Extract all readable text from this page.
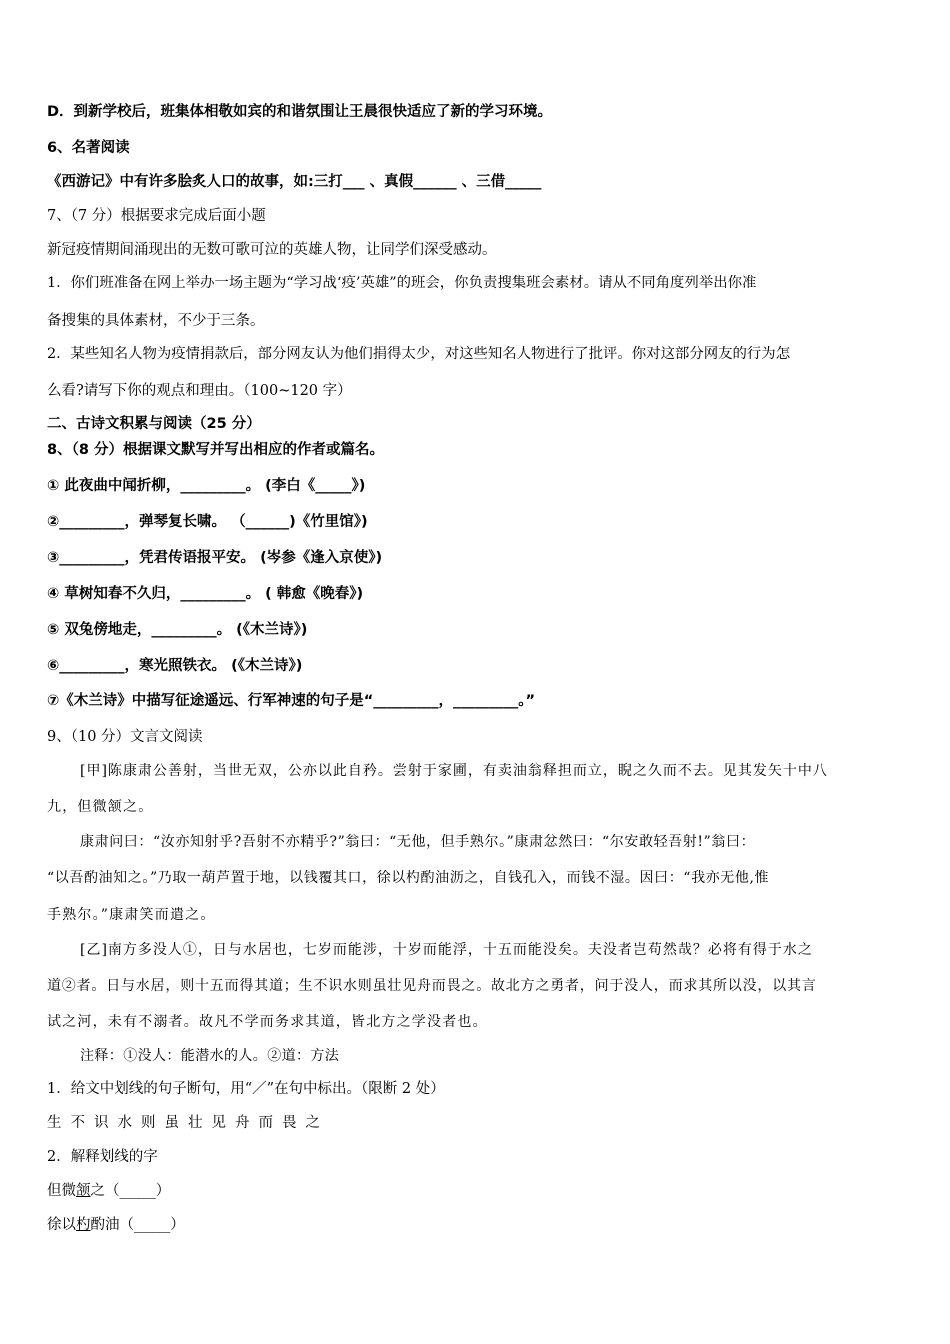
D．到新学校后，班集体相敬如宾的和谐氛围让王晨很快适应了新的学习环境。
6、名著阅读
《西游记》中有许多脍炙人口的故事，如:三打___ 、真假______ 、三借_____
7、（7 分）根据要求完成后面小题
新冠疫情期间涌现出的无数可歌可泣的英雄人物，让同学们深受感动。
1．你们班准备在网上举办一场主题为“学习战‘疫’英雄”的班会，你负责搜集班会素材。请从不同角度列举出你准
备搜集的具体素材，不少于三条。
2．某些知名人物为疫情捐款后，部分网友认为他们捐得太少，对这些知名人物进行了批评。你对这部分网友的行为怎
么看?请写下你的观点和理由。（100~120 字）
二、古诗文积累与阅读（25 分）
8、（8 分）根据课文默写并写出相应的作者或篇名。
① 此夜曲中闻折柳，_________。 (李白《_____》)
②_________，弹琴复长啸。 （______)《竹里馆》)
③_________，凭君传语报平安。 (岑参《逢入京使》)
④ 草树知春不久归，_________。 ( 韩愈《晚春》)
⑤ 双兔傍地走，_________。 (《木兰诗》)
⑥_________，寒光照铁衣。 (《木兰诗》)
⑦《木兰诗》中描写征途遥远、行军神速的句子是“_________，_________。”
9、（10 分）文言文阅读
[甲]陈康肃公善射，当世无双，公亦以此自矜。尝射于家圃，有卖油翁释担而立，睨之久而不去。见其发矢十中八
九，但微颔之。
康肃问曰：“汝亦知射乎?吾射不亦精乎?”翁曰：“无他，但手熟尔。”康肃忿然曰：“尔安敢轻吾射!”翁曰：
“以吾酌油知之。”乃取一葫芦置于地，以钱覆其口，徐以杓酌油沥之，自钱孔入，而钱不湿。因曰：“我亦无他,惟
手熟尔。”康肃笑而遣之。
[乙]南方多没人①，日与水居也，七岁而能涉，十岁而能浮，十五而能没矣。夫没者岂苟然哉？必将有得于水之
道②者。日与水居，则十五而得其道；生不识水则虽壮见舟而畏之。故北方之勇者，问于没人，而求其所以没，以其言
试之河，未有不溺者。故凡不学而务求其道，皆北方之学没者也。
注释：①没人：能潜水的人。②道：方法
1．给文中划线的句子断句，用“／”在句中标出。（限断 2 处）
生不识水则虽壮见舟而畏之
2．解释划线的字
但微颔之（_____）
徐以杓酌油（_____）
